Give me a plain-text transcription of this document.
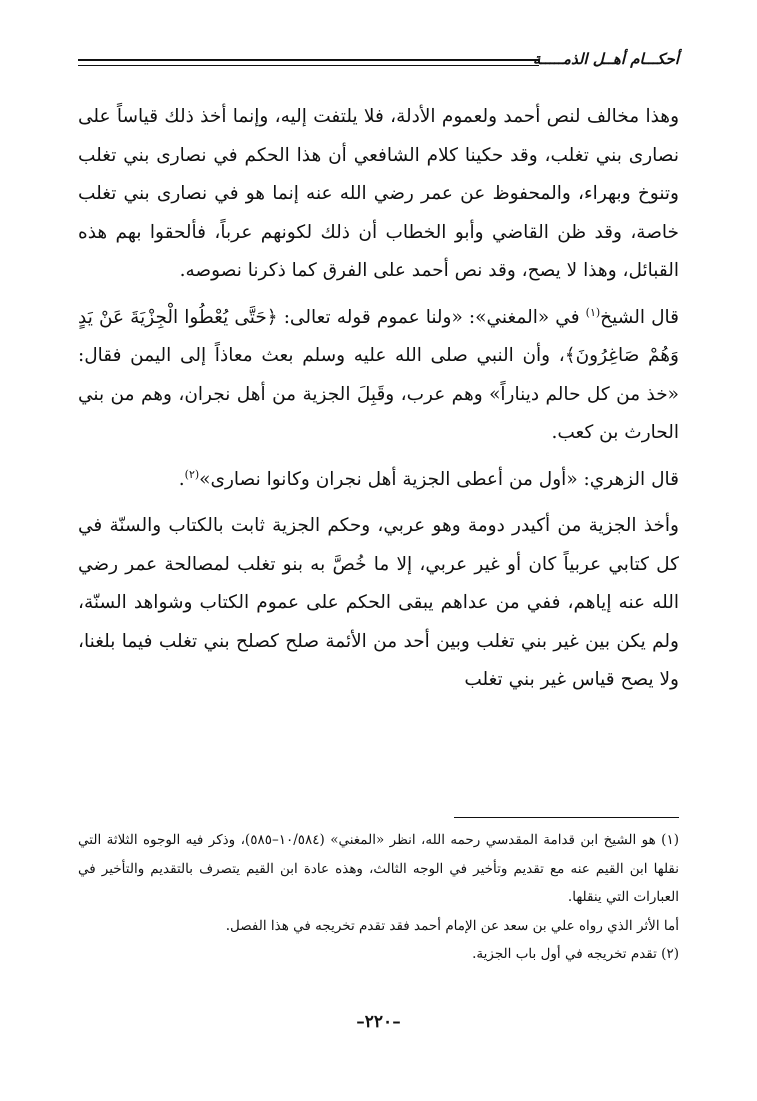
أحكـــام أهــل الذمـــــة

وهذا مخالف لنص أحمد ولعموم الأدلة، فلا يلتفت إليه، وإنما أخذ ذلك قياساً على نصارى بني تغلب، وقد حكينا كلام الشافعي أن هذا الحكم في نصارى بني تغلب وتنوخ وبهراء، والمحفوظ عن عمر رضي الله عنه إنما هو في نصارى بني تغلب خاصة، وقد ظن القاضي وأبو الخطاب أن ذلك لكونهم عرباً، فألحقوا بهم هذه القبائل، وهذا لا يصح، وقد نص أحمد على الفرق كما ذكرنا نصوصه.

قال الشيخ$^{(١)}$ في «المغني»: «ولنا عموم قوله تعالى: ﴿حَتَّى يُعْطُوا الْجِزْيَةَ عَنْ يَدٍ وَهُمْ صَاغِرُونَ﴾، وأن النبي صلى الله عليه وسلم بعث معاذاً إلى اليمن فقال: «خذ من كل حالم ديناراً» وهم عرب، وقَبِلَ الجزية من أهل نجران، وهم من بني الحارث بن كعب.

قال الزهري: «أول من أعطى الجزية أهل نجران وكانوا نصارى»$^{(٢)}$.

وأخذ الجزية من أكيدر دومة وهو عربي، وحكم الجزية ثابت بالكتاب والسنّة في كل كتابي عربياً كان أو غير عربي، إلا ما خُصَّ به بنو تغلب لمصالحة عمر رضي الله عنه إياهم، ففي من عداهم يبقى الحكم على عموم الكتاب وشواهد السنّة، ولم يكن بين غير بني تغلب وبين أحد من الأئمة صلح كصلح بني تغلب فيما بلغنا، ولا يصح قياس غير بني تغلب

(١) هو الشيخ ابن قدامة المقدسي رحمه الله، انظر «المغني» (١٠/٥٨٤–٥٨٥)، وذكر فيه الوجوه الثلاثة التي نقلها ابن القيم عنه مع تقديم وتأخير في الوجه الثالث، وهذه عادة ابن القيم يتصرف بالتقديم والتأخير في العبارات التي ينقلها.

أما الأثر الذي رواه علي بن سعد عن الإمام أحمد فقد تقدم تخريجه في هذا الفصل.

(٢) تقدم تخريجه في أول باب الجزية.

–٢٢٠–
